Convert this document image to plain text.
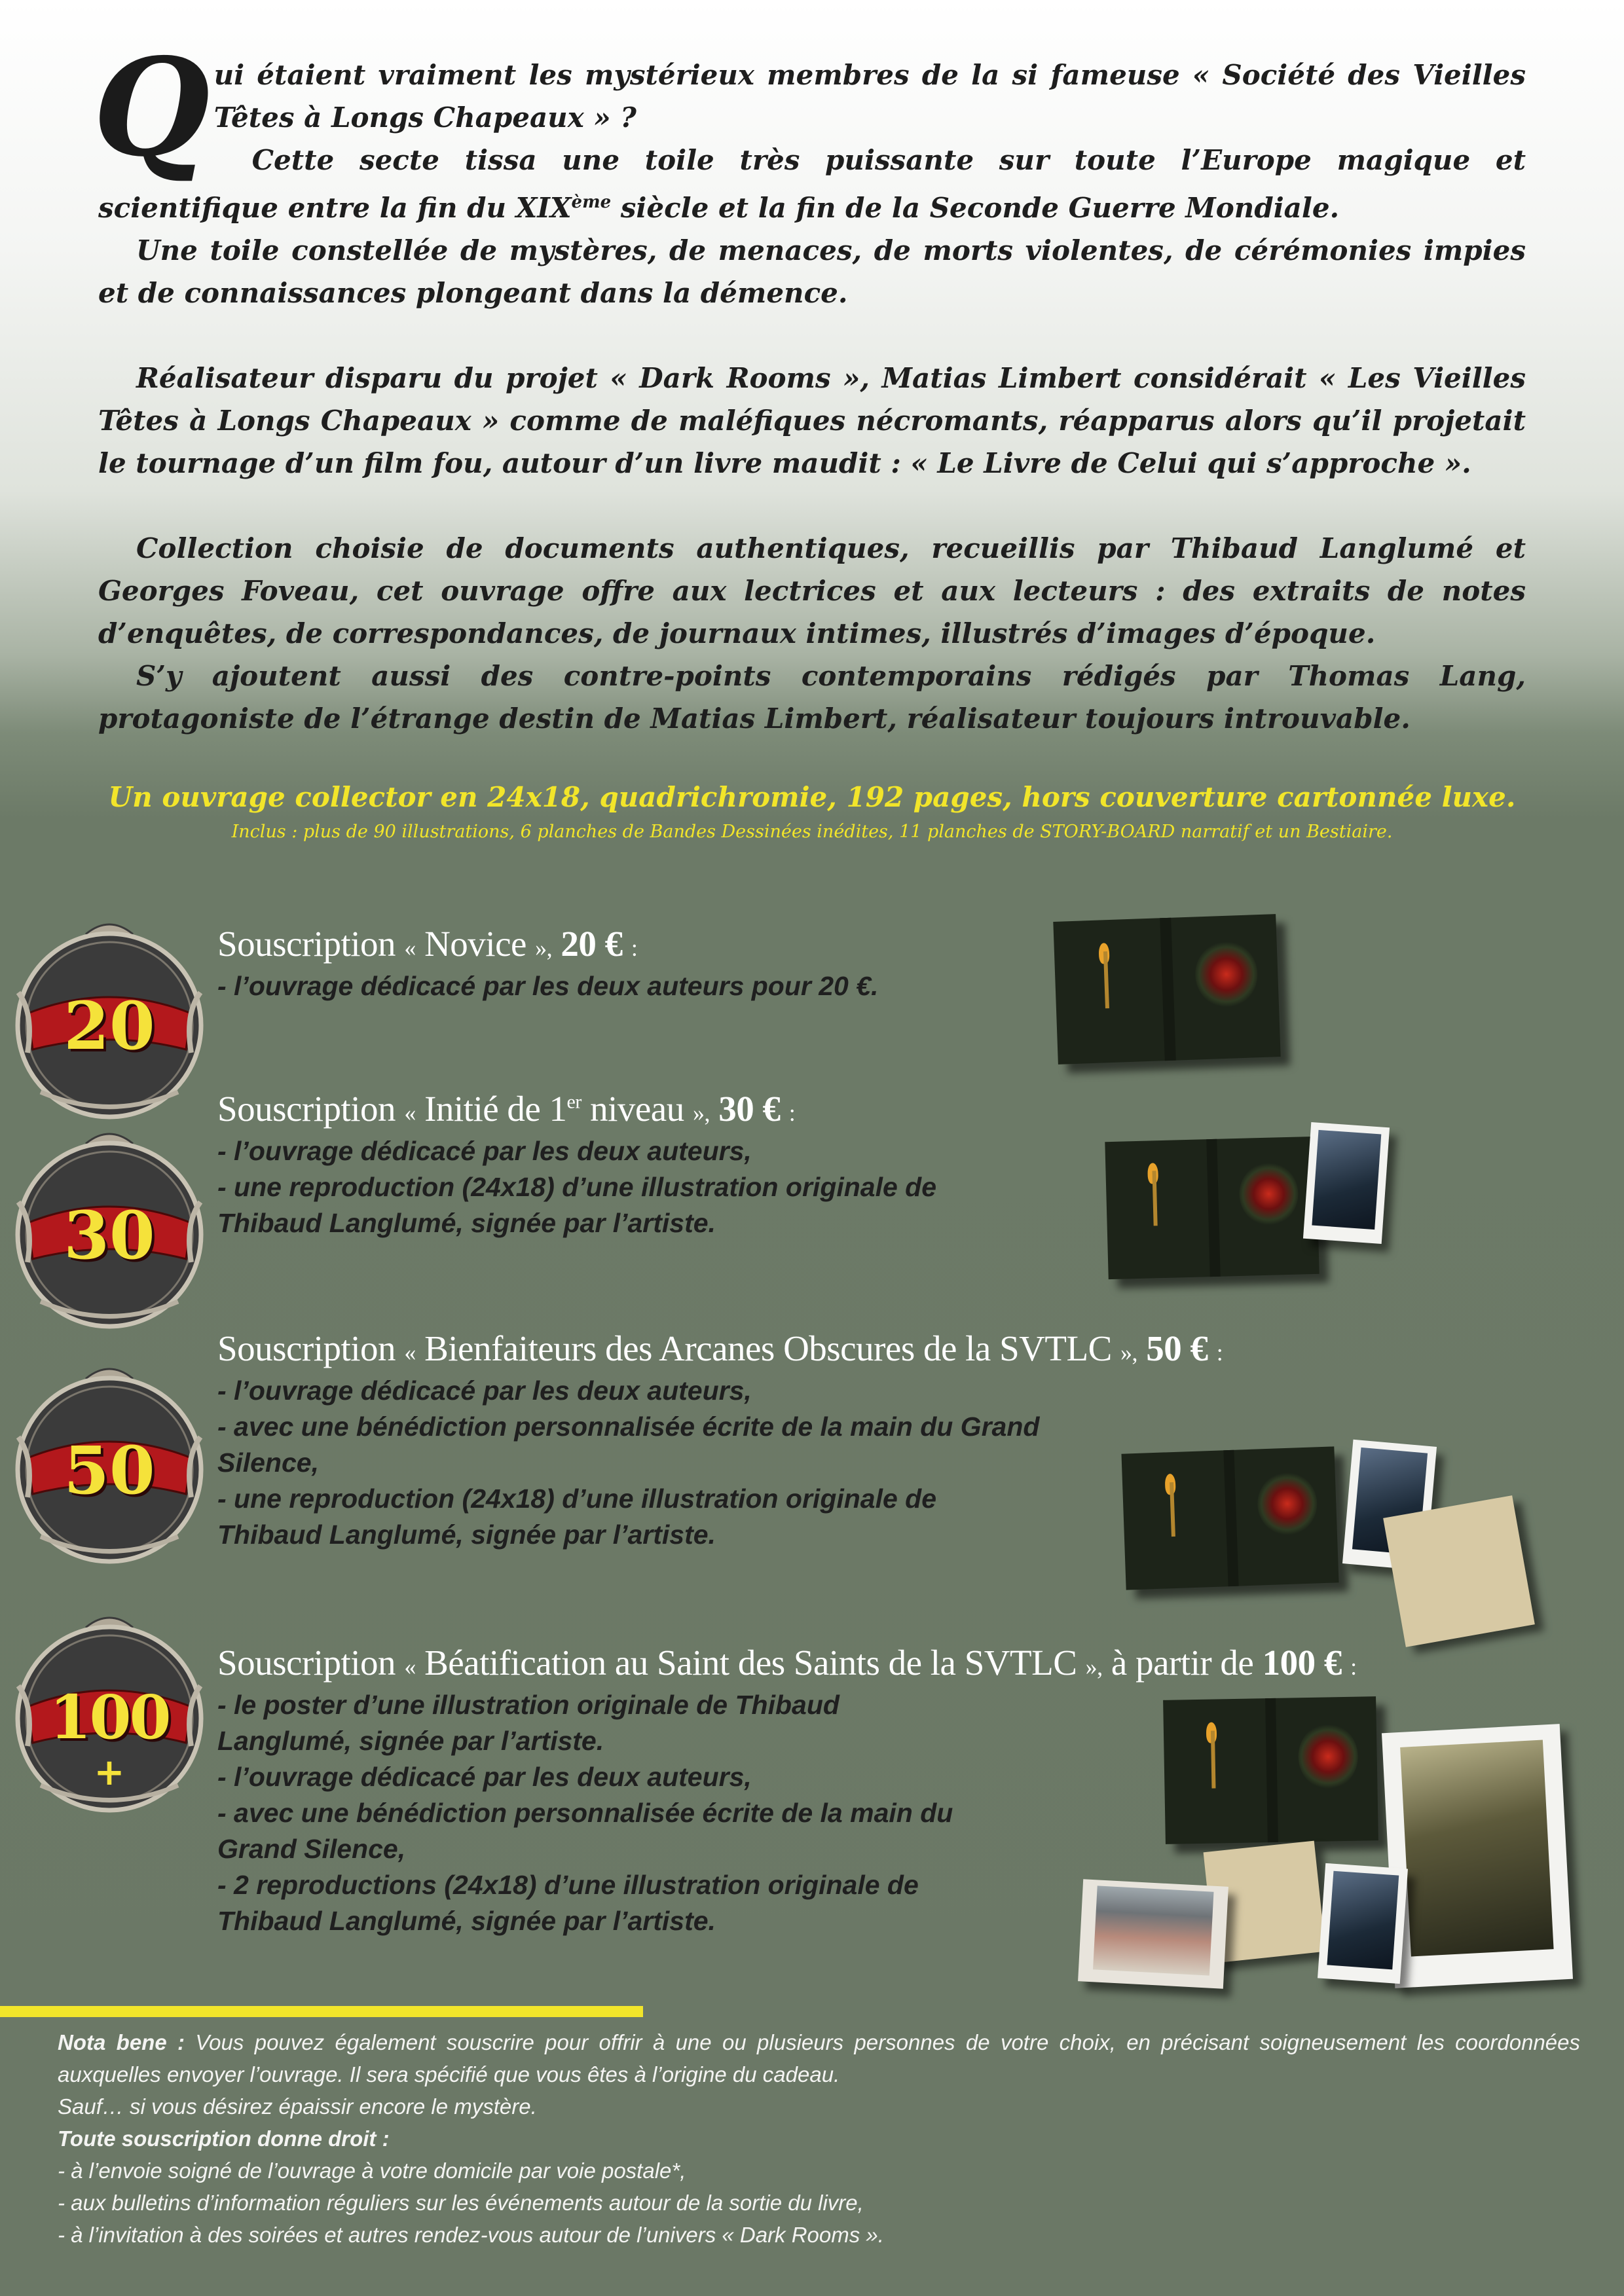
Qui étaient vraiment les mystérieux membres de la si fameuse « Société des Vieilles Têtes à Longs Chapeaux » ?

Cette secte tissa une toile très puissante sur toute l’Europe magique et scientifique entre la fin du XIXème siècle et la fin de la Seconde Guerre Mondiale.

Une toile constellée de mystères, de menaces, de morts violentes, de cérémonies impies et de connaissances plongeant dans la démence.

Réalisateur disparu du projet « Dark Rooms », Matias Limbert considérait « Les Vieilles Têtes à Longs Chapeaux » comme de maléfiques nécromants, réapparus alors qu’il projetait le tournage d’un film fou, autour d’un livre maudit : « Le Livre de Celui qui s’approche ».

Collection choisie de documents authentiques, recueillis par Thibaud Langlumé et Georges Foveau, cet ouvrage offre aux lectrices et aux lecteurs : des extraits de notes d’enquêtes, de correspondances, de journaux intimes, illustrés d’images d’époque.

S’y ajoutent aussi des contre-points contemporains rédigés par Thomas Lang, protagoniste de l’étrange destin de Matias Limbert, réalisateur toujours introuvable.

Un ouvrage collector en 24x18, quadrichromie, 192 pages, hors couverture cartonnée luxe.
Inclus : plus de 90 illustrations, 6 planches de Bandes Dessinées inédites, 11 planches de STORY-BOARD narratif et un Bestiaire.
20
30
50
100
+
Souscription « Novice », 20 € :
- l’ouvrage dédicacé par les deux auteurs pour 20 €.
Souscription « Initié de 1er niveau », 30 € :
- l’ouvrage dédicacé par les deux auteurs,
- une reproduction (24x18) d’une illustration originale de
Thibaud Langlumé, signée par l’artiste.
Souscription « Bienfaiteurs des Arcanes Obscures de la SVTLC », 50 € :
- l’ouvrage dédicacé par les deux auteurs,
- avec une bénédiction personnalisée écrite de la main du Grand
Silence,
- une reproduction (24x18) d’une illustration originale de
Thibaud Langlumé, signée par l’artiste.
Souscription « Béatification au Saint des Saints de la SVTLC », à partir de 100 € :
- le poster d’une illustration originale de Thibaud
Langlumé, signée par l’artiste.
- l’ouvrage dédicacé par les deux auteurs,
- avec une bénédiction personnalisée écrite de la main du
Grand Silence,
- 2 reproductions (24x18) d’une illustration originale de
Thibaud Langlumé, signée par l’artiste.

Nota bene : Vous pouvez également souscrire pour offrir à une ou plusieurs personnes de votre choix, en précisant soigneusement les coordonnées auxquelles envoyer l’ouvrage. Il sera spécifié que vous êtes à l’origine du cadeau.

Sauf… si vous désirez épaissir encore le mystère.

Toute souscription donne droit :

- à l’envoie soigné de l’ouvrage à votre domicile par voie postale*,

- aux bulletins d’information réguliers sur les événements autour de la sortie du livre,

- à l’invitation à des soirées et autres rendez-vous autour de l’univers « Dark Rooms ».
